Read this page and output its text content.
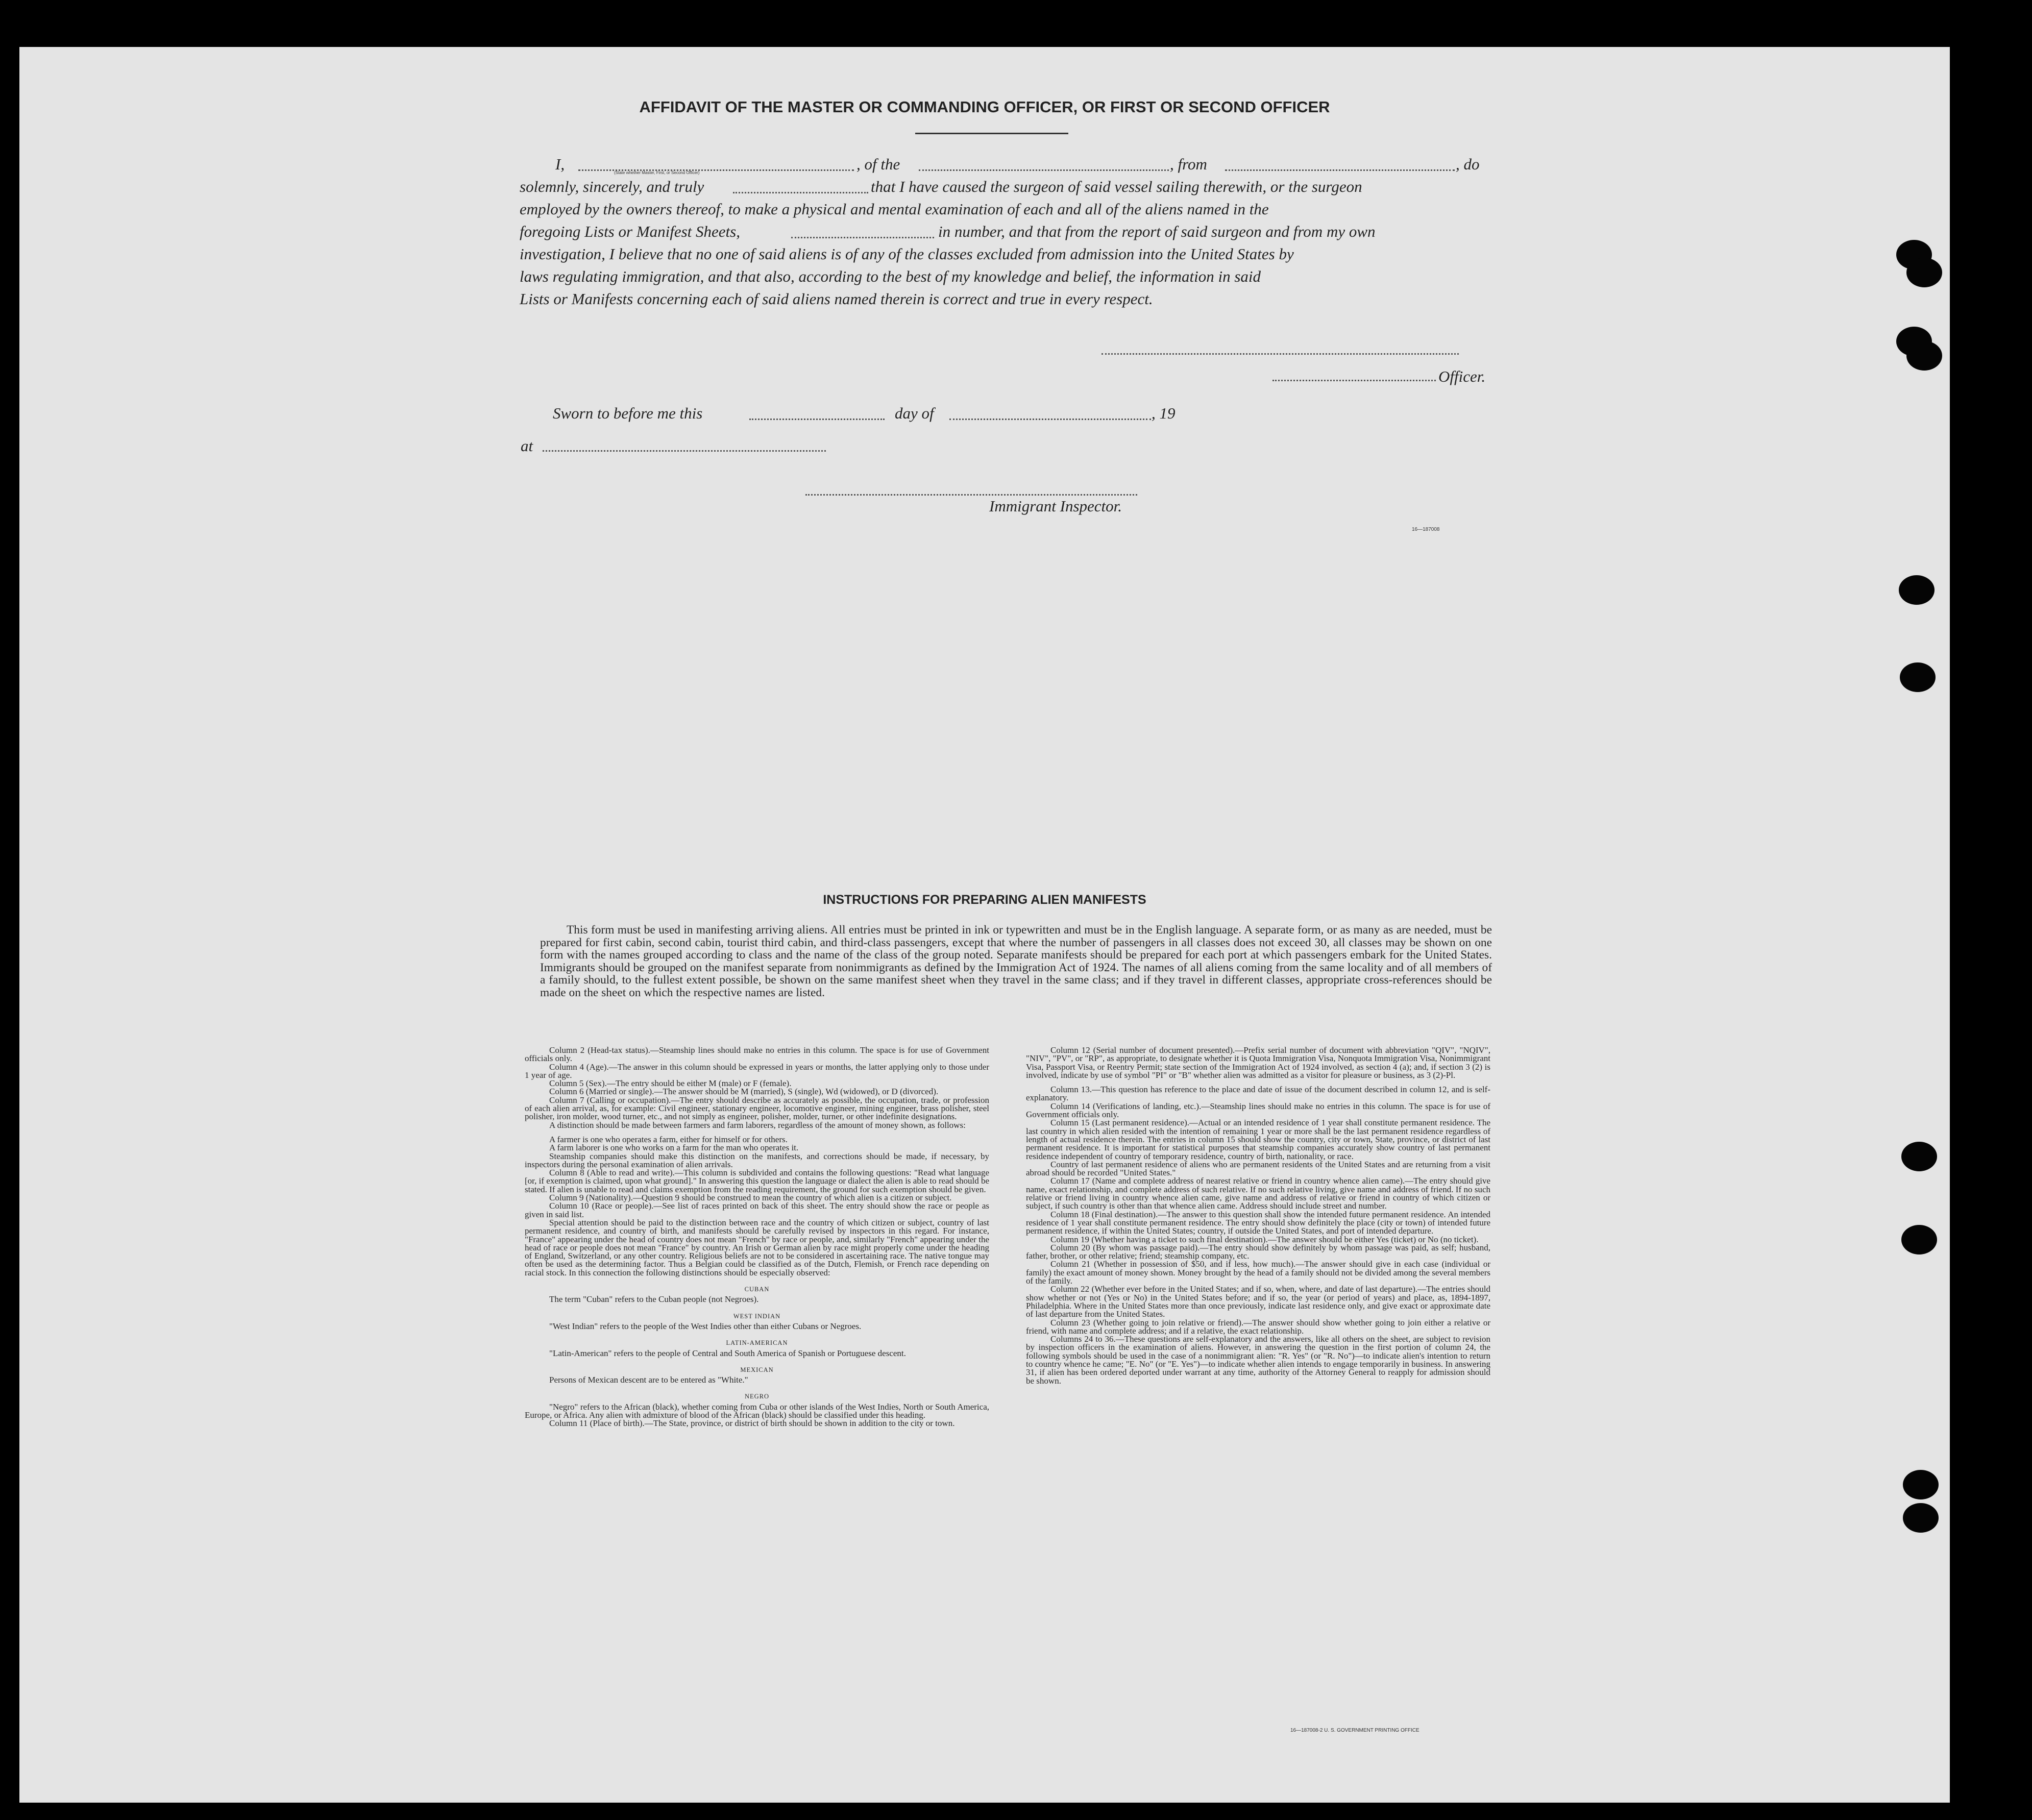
AFFIDAVIT OF THE MASTER OR COMMANDING OFFICER, OR FIRST OR SECOND OFFICER
I,	(State whether Master, First, or Second Officer)	, of the	, from	, do
solemnly, sincerely, and truly	that I have caused the surgeon of said vessel sailing therewith, or the surgeon
employed by the owners thereof, to make a physical and mental examination of each and all of the aliens named in the
foregoing Lists or Manifest Sheets,	in number, and that from the report of said surgeon and from my own
investigation, I believe that no one of said aliens is of any of the classes excluded from admission into the United States by
laws regulating immigration, and that also, according to the best of my knowledge and belief, the information in said
Lists or Manifests concerning each of said aliens named therein is correct and true in every respect.
Officer.
Sworn to before me this	day of	, 19
at
Immigrant Inspector.
16—187008
INSTRUCTIONS FOR PREPARING ALIEN MANIFESTS

This form must be used in manifesting arriving aliens. All entries must be printed in ink or typewritten and must be in the English language. A separate form, or as many as are needed, must be prepared for first cabin, second cabin, tourist third cabin, and third-class passengers, except that where the number of passengers in all classes does not exceed 30, all classes may be shown on one form with the names grouped according to class and the name of the class of the group noted. Separate manifests should be prepared for each port at which passengers embark for the United States. Immigrants should be grouped on the manifest separate from nonimmigrants as defined by the Immigration Act of 1924. The names of all aliens coming from the same locality and of all members of a family should, to the fullest extent possible, be shown on the same manifest sheet when they travel in the same class; and if they travel in different classes, appropriate cross-references should be made on the sheet on which the respective names are listed.

Column 2 (Head-tax status).—Steamship lines should make no entries in this column. The space is for use of Government officials only.

Column 4 (Age).—The answer in this column should be expressed in years or months, the latter applying only to those under 1 year of age.

Column 5 (Sex).—The entry should be either M (male) or F (female).

Column 6 (Married or single).—The answer should be M (married), S (single), Wd (widowed), or D (divorced).

Column 7 (Calling or occupation).—The entry should describe as accurately as possible, the occupation, trade, or profession of each alien arrival, as, for example: Civil engineer, stationary engineer, locomotive engineer, mining engineer, brass polisher, steel polisher, iron molder, wood turner, etc., and not simply as engineer, polisher, molder, turner, or other indefinite designations.

A distinction should be made between farmers and farm laborers, regardless of the amount of money shown, as follows:

A farmer is one who operates a farm, either for himself or for others.

A farm laborer is one who works on a farm for the man who operates it.

Steamship companies should make this distinction on the manifests, and corrections should be made, if necessary, by inspectors during the personal examination of alien arrivals.

Column 8 (Able to read and write).—This column is subdivided and contains the following questions: "Read what language [or, if exemption is claimed, upon what ground]." In answering this question the language or dialect the alien is able to read should be stated. If alien is unable to read and claims exemption from the reading requirement, the ground for such exemption should be given.

Column 9 (Nationality).—Question 9 should be construed to mean the country of which alien is a citizen or subject.

Column 10 (Race or people).—See list of races printed on back of this sheet. The entry should show the race or people as given in said list.

Special attention should be paid to the distinction between race and the country of which citizen or subject, country of last permanent residence, and country of birth, and manifests should be carefully revised by inspectors in this regard. For instance, "France" appearing under the head of country does not mean "French" by race or people, and, similarly "French" appearing under the head of race or people does not mean "France" by country. An Irish or German alien by race might properly come under the heading of England, Switzerland, or any other country. Religious beliefs are not to be considered in ascertaining race. The native tongue may often be used as the determining factor. Thus a Belgian could be classified as of the Dutch, Flemish, or French race depending on racial stock. In this connection the following distinctions should be especially observed:

CUBAN

The term "Cuban" refers to the Cuban people (not Negroes).

WEST INDIAN

"West Indian" refers to the people of the West Indies other than either Cubans or Negroes.

LATIN-AMERICAN

"Latin-American" refers to the people of Central and South America of Spanish or Portuguese descent.

MEXICAN

Persons of Mexican descent are to be entered as "White."

NEGRO

"Negro" refers to the African (black), whether coming from Cuba or other islands of the West Indies, North or South America, Europe, or Africa. Any alien with admixture of blood of the African (black) should be classified under this heading.

Column 11 (Place of birth).—The State, province, or district of birth should be shown in addition to the city or town.

Column 12 (Serial number of document presented).—Prefix serial number of document with abbreviation "QIV", "NQIV", "NIV", "PV", or "RP", as appropriate, to designate whether it is Quota Immigration Visa, Nonquota Immigration Visa, Nonimmigrant Visa, Passport Visa, or Reentry Permit; state section of the Immigration Act of 1924 involved, as section 4 (a); and, if section 3 (2) is involved, indicate by use of symbol "PI" or "B" whether alien was admitted as a visitor for pleasure or business, as 3 (2)-Pl.

Column 13.—This question has reference to the place and date of issue of the document described in column 12, and is self-explanatory.

Column 14 (Verifications of landing, etc.).—Steamship lines should make no entries in this column. The space is for use of Government officials only.

Column 15 (Last permanent residence).—Actual or an intended residence of 1 year shall constitute permanent residence. The last country in which alien resided with the intention of remaining 1 year or more shall be the last permanent residence regardless of length of actual residence therein. The entries in column 15 should show the country, city or town, State, province, or district of last permanent residence. It is important for statistical purposes that steamship companies accurately show country of last permanent residence independent of country of temporary residence, country of birth, nationality, or race.

Country of last permanent residence of aliens who are permanent residents of the United States and are returning from a visit abroad should be recorded "United States."

Column 17 (Name and complete address of nearest relative or friend in country whence alien came).—The entry should give name, exact relationship, and complete address of such relative. If no such relative living, give name and address of friend. If no such relative or friend living in country whence alien came, give name and address of relative or friend in country of which citizen or subject, if such country is other than that whence alien came. Address should include street and number.

Column 18 (Final destination).—The answer to this question shall show the intended future permanent residence. An intended residence of 1 year shall constitute permanent residence. The entry should show definitely the place (city or town) of intended future permanent residence, if within the United States; country, if outside the United States, and port of intended departure.

Column 19 (Whether having a ticket to such final destination).—The answer should be either Yes (ticket) or No (no ticket).

Column 20 (By whom was passage paid).—The entry should show definitely by whom passage was paid, as self; husband, father, brother, or other relative; friend; steamship company, etc.

Column 21 (Whether in possession of $50, and if less, how much).—The answer should give in each case (individual or family) the exact amount of money shown. Money brought by the head of a family should not be divided among the several members of the family.

Column 22 (Whether ever before in the United States; and if so, when, where, and date of last departure).—The entries should show whether or not (Yes or No) in the United States before; and if so, the year (or period of years) and place, as, 1894-1897, Philadelphia. Where in the United States more than once previously, indicate last residence only, and give exact or approximate date of last departure from the United States.

Column 23 (Whether going to join relative or friend).—The answer should show whether going to join either a relative or friend, with name and complete address; and if a relative, the exact relationship.

Columns 24 to 36.—These questions are self-explanatory and the answers, like all others on the sheet, are subject to revision by inspection officers in the examination of aliens. However, in answering the question in the first portion of column 24, the following symbols should be used in the case of a nonimmigrant alien: "R. Yes" (or "R. No")—to indicate alien's intention to return to country whence he came; "E. No" (or "E. Yes")—to indicate whether alien intends to engage temporarily in business. In answering 31, if alien has been ordered deported under warrant at any time, authority of the Attorney General to reapply for admission should be shown.

16—187008-2 U. S. GOVERNMENT PRINTING OFFICE
